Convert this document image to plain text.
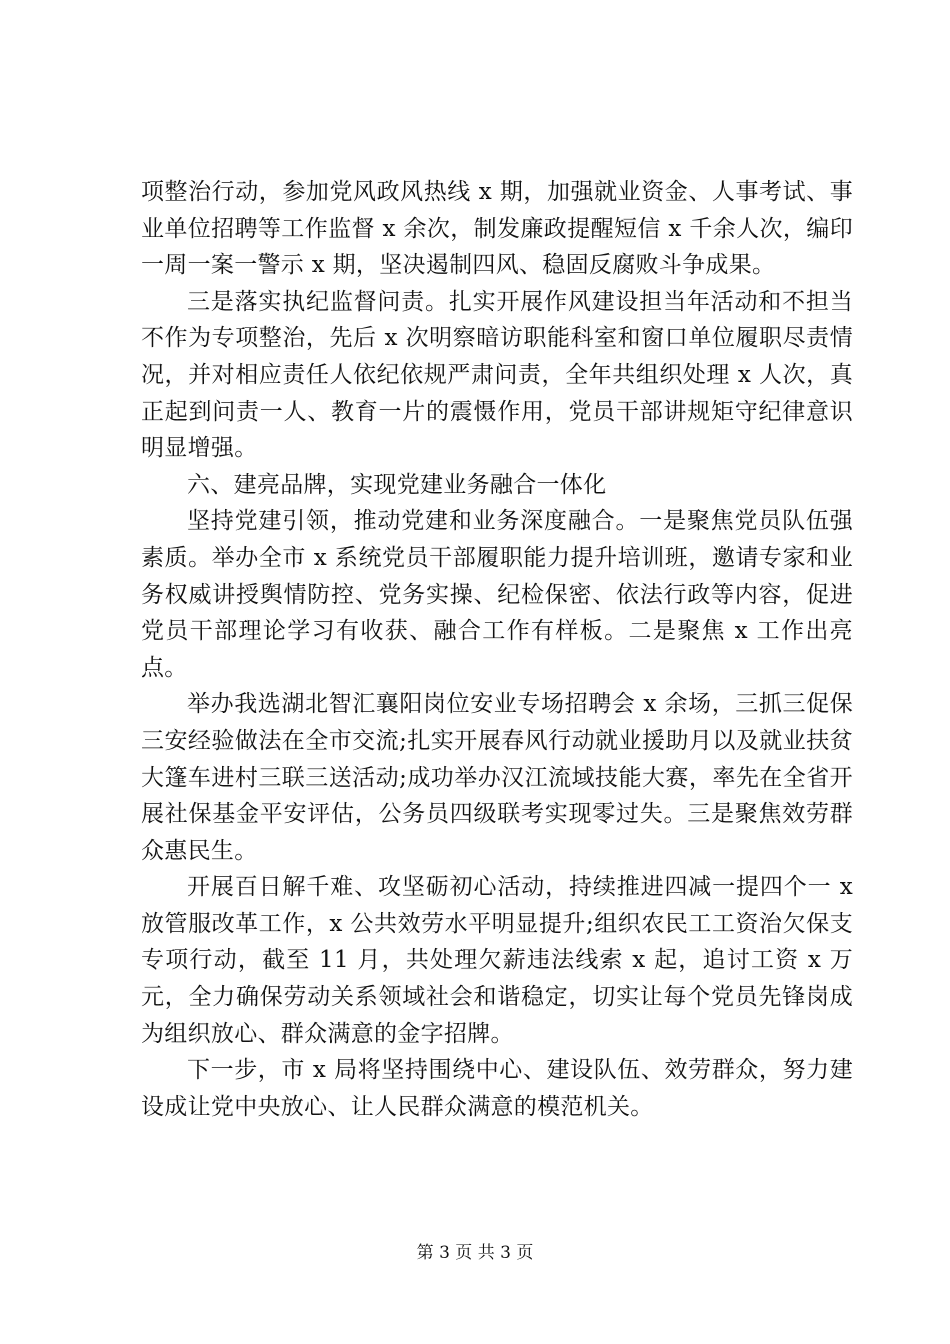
项整治行动，参加党风政风热线 x 期，加强就业资金、人事考试、事业单位招聘等工作监督 x 余次，制发廉政提醒短信 x 千余人次，编印一周一案一警示 x 期，坚决遏制四风、稳固反腐败斗争成果。

三是落实执纪监督问责。扎实开展作风建设担当年活动和不担当不作为专项整治，先后 x 次明察暗访职能科室和窗口单位履职尽责情况，并对相应责任人依纪依规严肃问责，全年共组织处理 x 人次，真正起到问责一人、教育一片的震慑作用，党员干部讲规矩守纪律意识明显增强。

六、建亮品牌，实现党建业务融合一体化

坚持党建引领，推动党建和业务深度融合。一是聚焦党员队伍强素质。举办全市 x 系统党员干部履职能力提升培训班，邀请专家和业务权威讲授舆情防控、党务实操、纪检保密、依法行政等内容，促进党员干部理论学习有收获、融合工作有样板。二是聚焦 x 工作出亮点。

举办我选湖北智汇襄阳岗位安业专场招聘会 x 余场，三抓三促保三安经验做法在全市交流;扎实开展春风行动就业援助月以及就业扶贫大篷车进村三联三送活动;成功举办汉江流域技能大赛，率先在全省开展社保基金平安评估，公务员四级联考实现零过失。三是聚焦效劳群众惠民生。

开展百日解千难、攻坚砺初心活动，持续推进四减一提四个一 x 放管服改革工作，x 公共效劳水平明显提升;组织农民工工资治欠保支专项行动，截至 11 月，共处理欠薪违法线索 x 起，追讨工资 x 万元，全力确保劳动关系领域社会和谐稳定，切实让每个党员先锋岗成为组织放心、群众满意的金字招牌。

下一步，市 x 局将坚持围绕中心、建设队伍、效劳群众，努力建设成让党中央放心、让人民群众满意的模范机关。

第 3 页 共 3 页
